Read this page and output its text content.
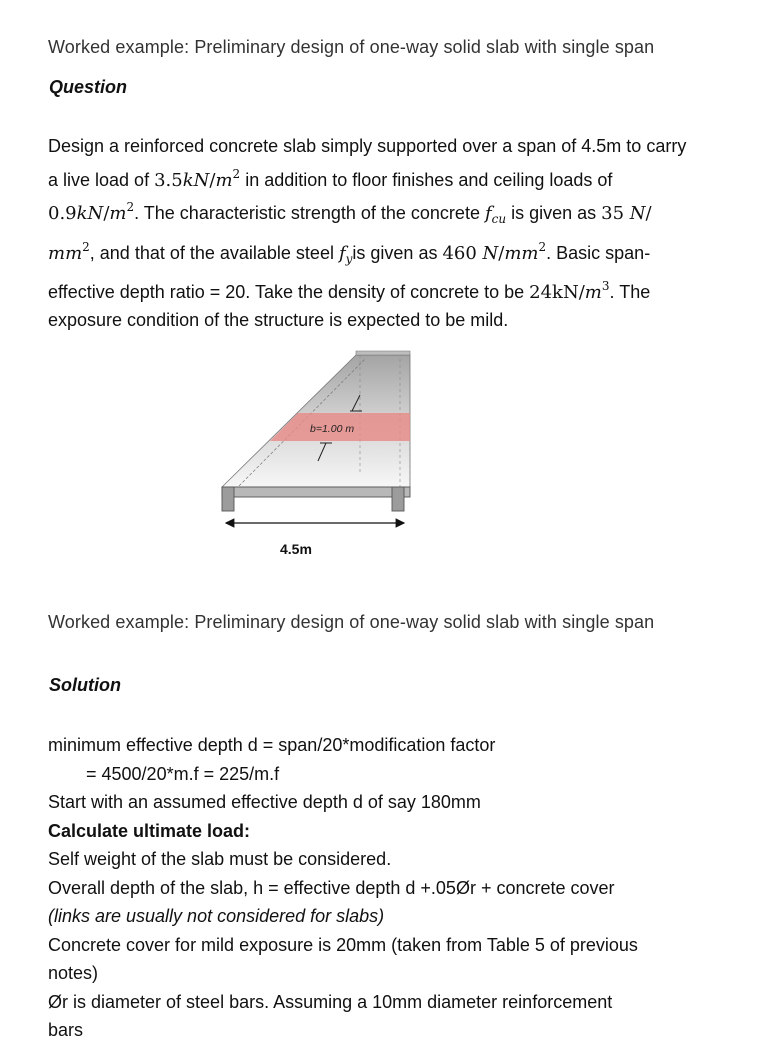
Worked example: Preliminary design of one-way solid slab with single span
Question
Design a reinforced concrete slab simply supported over a span of 4.5m to carry
a live load of $3.5kN/m^2$ in addition to floor finishes and ceiling loads of
$0.9kN/m^2$. The characteristic strength of the concrete $f_{cu}$ is given as 35 N/
$mm^2$, and that of the available steel $f_yis$ given as 460 $N/mm^2$. Basic span-
effective depth ratio = 20. Take the density of concrete to be $24kN/m^3$. The
exposure condition of the structure is expected to be mild.
b=1.00 m
4.5m
Worked example: Preliminary design of one-way solid slab with single span
Solution
minimum effective depth d = span/20*modification factor
= 4500/20*m.f = 225/m.f
Start with an assumed effective depth d of say 180mm
Calculate ultimate load:
Self weight of the slab must be considered.
Overall depth of the slab, h = effective depth d +.05Ør + concrete cover
(links are usually not considered for slabs)
Concrete cover for mild exposure is 20mm (taken from Table 5 of previous
notes)
Ør is diameter of steel bars. Assuming a 10mm diameter reinforcement
bars
